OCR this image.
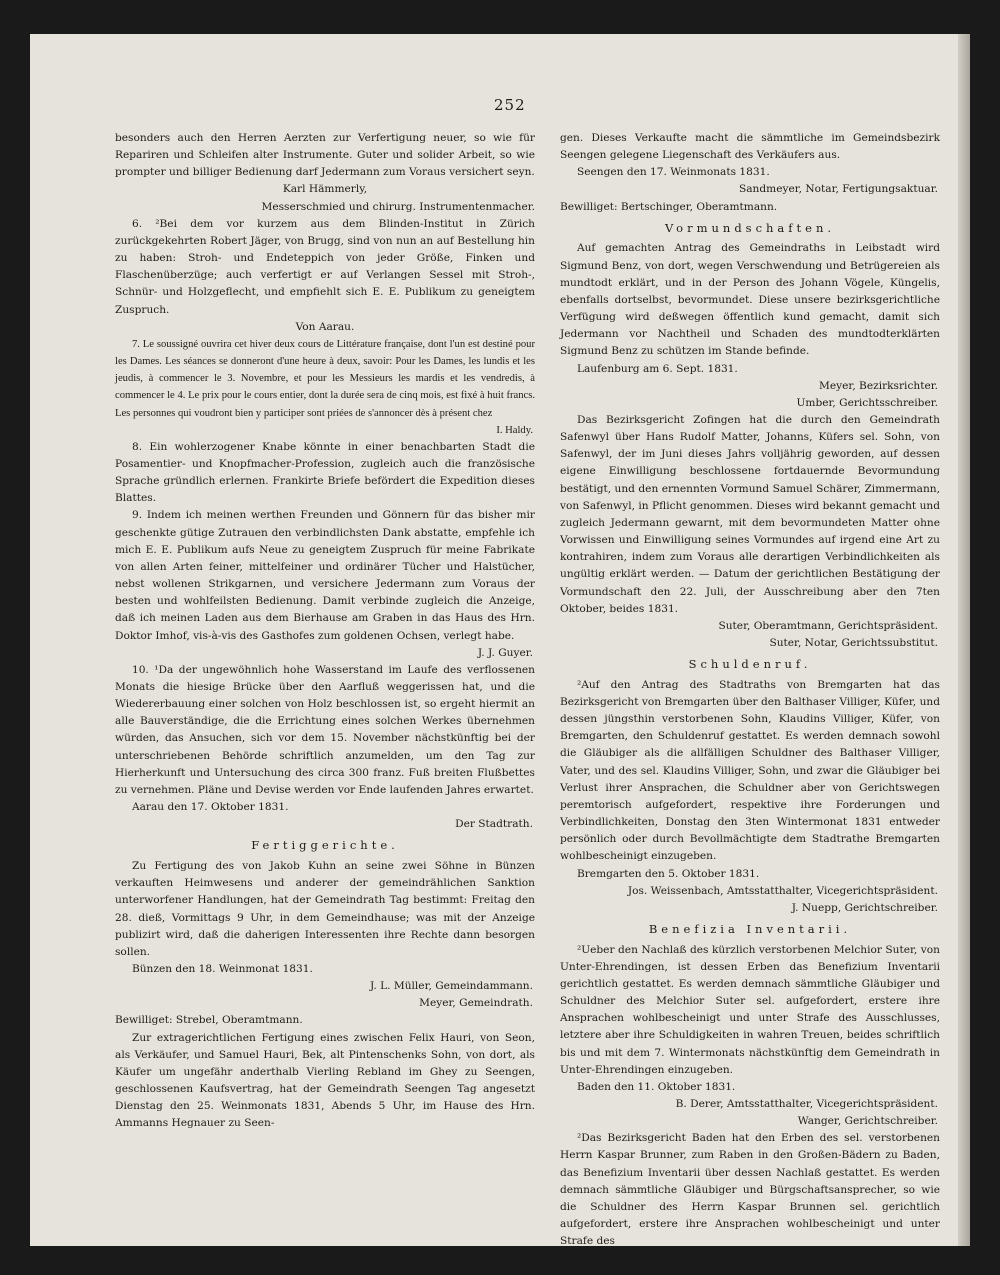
252

besonders auch den Herren Aerzten zur Verfertigung neuer, so wie für Repariren und Schleifen alter Instrumente. Guter und solider Arbeit, so wie prompter und billiger Bedienung darf Jedermann zum Voraus versichert seyn.

Karl Hämmerly,

Messerschmied und chirurg. Instrumentenmacher.

6. ²Bei dem vor kurzem aus dem Blinden-Institut in Zürich zurückgekehrten Robert Jäger, von Brugg, sind von nun an auf Bestellung hin zu haben: Stroh- und Endeteppich von jeder Größe, Finken und Flaschenüberzüge; auch verfertigt er auf Verlangen Sessel mit Stroh-, Schnür- und Holzgeflecht, und empfiehlt sich E. E. Publikum zu geneigtem Zuspruch.

Von Aarau.

7. Le soussigné ouvrira cet hiver deux cours de Littérature française, dont l'un est destiné pour les Dames. Les séances se donneront d'une heure à deux, savoir: Pour les Dames, les lundis et les jeudis, à commencer le 3. Novembre, et pour les Messieurs les mardis et les vendredis, à commencer le 4. Le prix pour le cours entier, dont la durée sera de cinq mois, est fixé à huit francs. Les personnes qui voudront bien y participer sont priées de s'annoncer dès à présent chez

I. Haldy.

8. Ein wohlerzogener Knabe könnte in einer benachbarten Stadt die Posamentier- und Knopfmacher-Profession, zugleich auch die französische Sprache gründlich erlernen. Frankirte Briefe befördert die Expedition dieses Blattes.

9. Indem ich meinen werthen Freunden und Gönnern für das bisher mir geschenkte gütige Zutrauen den verbindlichsten Dank abstatte, empfehle ich mich E. E. Publikum aufs Neue zu geneigtem Zuspruch für meine Fabrikate von allen Arten feiner, mittelfeiner und ordinärer Tücher und Halstücher, nebst wollenen Strikgarnen, und versichere Jedermann zum Voraus der besten und wohlfeilsten Bedienung. Damit verbinde zugleich die Anzeige, daß ich meinen Laden aus dem Bierhause am Graben in das Haus des Hrn. Doktor Imhof, vis-à-vis des Gasthofes zum goldenen Ochsen, verlegt habe.

J. J. Guyer.

10. ¹Da der ungewöhnlich hohe Wasserstand im Laufe des verflossenen Monats die hiesige Brücke über den Aarfluß weggerissen hat, und die Wiedererbauung einer solchen von Holz beschlossen ist, so ergeht hiermit an alle Bauverständige, die die Errichtung eines solchen Werkes übernehmen würden, das Ansuchen, sich vor dem 15. November nächstkünftig bei der unterschriebenen Behörde schriftlich anzumelden, um den Tag zur Hierherkunft und Untersuchung des circa 300 franz. Fuß breiten Flußbettes zu vernehmen. Pläne und Devise werden vor Ende laufenden Jahres erwartet.

Aarau den 17. Oktober 1831.

Der Stadtrath.

Fertiggerichte.

Zu Fertigung des von Jakob Kuhn an seine zwei Söhne in Bünzen verkauften Heimwesens und anderer der gemeindrählichen Sanktion unterworfener Handlungen, hat der Gemeindrath Tag bestimmt: Freitag den 28. dieß, Vormittags 9 Uhr, in dem Gemeindhause; was mit der Anzeige publizirt wird, daß die daherigen Interessenten ihre Rechte dann besorgen sollen.

Bünzen den 18. Weinmonat 1831.

J. L. Müller, Gemeindammann.

Meyer, Gemeindrath.

Bewilliget: Strebel, Oberamtmann.

Zur extragerichtlichen Fertigung eines zwischen Felix Hauri, von Seon, als Verkäufer, und Samuel Hauri, Bek, alt Pintenschenks Sohn, von dort, als Käufer um ungefähr anderthalb Vierling Rebland im Ghey zu Seengen, geschlossenen Kaufsvertrag, hat der Gemeindrath Seengen Tag angesetzt Dienstag den 25. Weinmonats 1831, Abends 5 Uhr, im Hause des Hrn. Ammanns Hegnauer zu Seen-

gen. Dieses Verkaufte macht die sämmtliche im Gemeindsbezirk Seengen gelegene Liegenschaft des Verkäufers aus.

Seengen den 17. Weinmonats 1831.

Sandmeyer, Notar, Fertigungsaktuar.

Bewilliget: Bertschinger, Oberamtmann.

Vormundschaften.

Auf gemachten Antrag des Gemeindraths in Leibstadt wird Sigmund Benz, von dort, wegen Verschwendung und Betrügereien als mundtodt erklärt, und in der Person des Johann Vögele, Küngelis, ebenfalls dortselbst, bevormundet. Diese unsere bezirksgerichtliche Verfügung wird deßwegen öffentlich kund gemacht, damit sich Jedermann vor Nachtheil und Schaden des mundtodterklärten Sigmund Benz zu schützen im Stande befinde.

Laufenburg am 6. Sept. 1831.

Meyer, Bezirksrichter.

Umber, Gerichtsschreiber.

Das Bezirksgericht Zofingen hat die durch den Gemeindrath Safenwyl über Hans Rudolf Matter, Johanns, Küfers sel. Sohn, von Safenwyl, der im Juni dieses Jahrs volljährig geworden, auf dessen eigene Einwilligung beschlossene fortdauernde Bevormundung bestätigt, und den ernennten Vormund Samuel Schärer, Zimmermann, von Safenwyl, in Pflicht genommen. Dieses wird bekannt gemacht und zugleich Jedermann gewarnt, mit dem bevormundeten Matter ohne Vorwissen und Einwilligung seines Vormundes auf irgend eine Art zu kontrahiren, indem zum Voraus alle derartigen Verbindlichkeiten als ungültig erklärt werden. — Datum der gerichtlichen Bestätigung der Vormundschaft den 22. Juli, der Ausschreibung aber den 7ten Oktober, beides 1831.

Suter, Oberamtmann, Gerichtspräsident.

Suter, Notar, Gerichtssubstitut.

Schuldenruf.

²Auf den Antrag des Stadtraths von Bremgarten hat das Bezirksgericht von Bremgarten über den Balthaser Villiger, Küfer, und dessen jüngsthin verstorbenen Sohn, Klaudins Villiger, Küfer, von Bremgarten, den Schuldenruf gestattet. Es werden demnach sowohl die Gläubiger als die allfälligen Schuldner des Balthaser Villiger, Vater, und des sel. Klaudins Villiger, Sohn, und zwar die Gläubiger bei Verlust ihrer Ansprachen, die Schuldner aber von Gerichtswegen peremtorisch aufgefordert, respektive ihre Forderungen und Verbindlichkeiten, Donstag den 3ten Wintermonat 1831 entweder persönlich oder durch Bevollmächtigte dem Stadtrathe Bremgarten wohlbescheinigt einzugeben.

Bremgarten den 5. Oktober 1831.

Jos. Weissenbach, Amtsstatthalter, Vicegerichtspräsident.

J. Nuepp, Gerichtschreiber.

Benefizia Inventarii.

²Ueber den Nachlaß des kürzlich verstorbenen Melchior Suter, von Unter-Ehrendingen, ist dessen Erben das Benefizium Inventarii gerichtlich gestattet. Es werden demnach sämmtliche Gläubiger und Schuldner des Melchior Suter sel. aufgefordert, erstere ihre Ansprachen wohlbescheinigt und unter Strafe des Ausschlusses, letztere aber ihre Schuldigkeiten in wahren Treuen, beides schriftlich bis und mit dem 7. Wintermonats nächstkünftig dem Gemeindrath in Unter-Ehrendingen einzugeben.

Baden den 11. Oktober 1831.

B. Derer, Amtsstatthalter, Vicegerichtspräsident.

Wanger, Gerichtschreiber.

²Das Bezirksgericht Baden hat den Erben des sel. verstorbenen Herrn Kaspar Brunner, zum Raben in den Großen-Bädern zu Baden, das Benefizium Inventarii über dessen Nachlaß gestattet. Es werden demnach sämmtliche Gläubiger und Bürgschaftsansprecher, so wie die Schuldner des Herrn Kaspar Brunnen sel. gerichtlich aufgefordert, erstere ihre Ansprachen wohlbescheinigt und unter Strafe des
